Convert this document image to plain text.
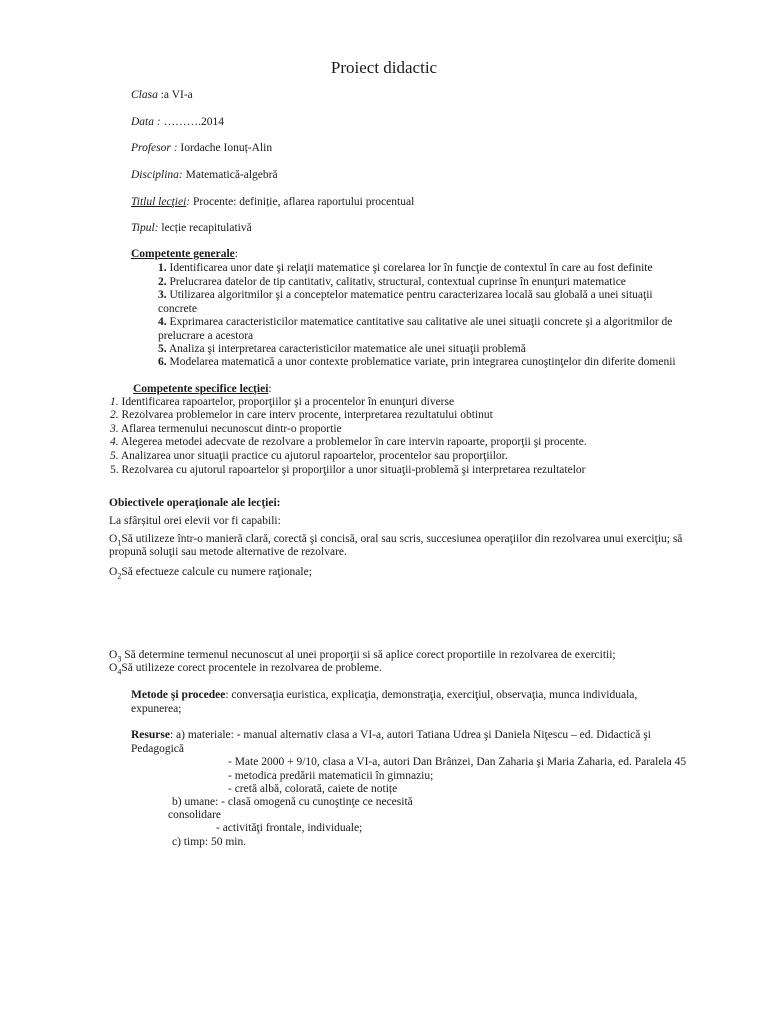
Proiect didactic
Clasa :a VI-a
Data : ……….2014
Profesor : Iordache Ionuț-Alin
Disciplina: Matematică-algebră
Titlul lecţiei: Procente: definiție, aflarea raportului procentual
Tipul: lecție recapitulativă
Competente generale:
1. Identificarea unor date şi relaţii matematice şi corelarea lor în funcţie de contextul în care au fost definite
2. Prelucrarea datelor de tip cantitativ, calitativ, structural, contextual cuprinse în enunţuri matematice
3. Utilizarea algoritmilor şi a conceptelor matematice pentru caracterizarea locală sau globală a unei situaţii
concrete
4. Exprimarea caracteristicilor matematice cantitative sau calitative ale unei situaţii concrete şi a algoritmilor de
prelucrare a acestora
5. Analiza şi interpretarea caracteristicilor matematice ale unei situaţii problemă
6. Modelarea matematică a unor contexte problematice variate, prin integrarea cunoştinţelor din diferite domenii
Competente specifice lecţiei:
1. Identificarea rapoartelor, proporţiilor şi a procentelor în enunţuri diverse
2. Rezolvarea problemelor in care interv procente, interpretarea rezultatului obtinut
3. Aflarea termenului necunoscut dintr-o proportie
4. Alegerea metodei adecvate de rezolvare a problemelor în care intervin rapoarte, proporţii şi procente.
5. Analizarea unor situaţii practice cu ajutorul rapoartelor, procentelor sau proporţiilor.
5. Rezolvarea cu ajutorul rapoartelor şi proporţiilor a unor situaţii-problemă şi interpretarea rezultatelor
Obiectivele operaţionale ale lecţiei:
La sfârșitul orei elevii vor fi capabili:
$O_1Să$ utilizeze într-o manieră clară, corectă şi concisă, oral sau scris, succesiunea operaţiilor din rezolvarea unui exerciţiu; să
propună soluţii sau metode alternative de rezolvare.
$O_2Să$ efectueze calcule cu numere raţionale;
$O_3$ Să determine termenul necunoscut al unei proporţii si să aplice corect proportiile in rezolvarea de exercitii;
$O_4Să$ utilizeze corect procentele in rezolvarea de probleme.
Metode şi procedee: conversaţia euristica, explicaţia, demonstraţia, exerciţiul, observaţia, munca individuala,
expunerea;
Resurse: a) materiale: - manual alternativ clasa a VI-a, autori Tatiana Udrea şi Daniela Niţescu – ed. Didactică şi
Pedagogică
- Mate 2000 + 9/10, clasa a VI-a, autori Dan Brânzei, Dan Zaharia şi Maria Zaharia, ed. Paralela 45
- metodica predării matematicii în gimnaziu;
- cretă albă, colorată, caiete de notițe
b) umane: - clasă omogenă cu cunoştinţe ce necesită
consolidare
- activităţi frontale, individuale;
c) timp: 50 min.
